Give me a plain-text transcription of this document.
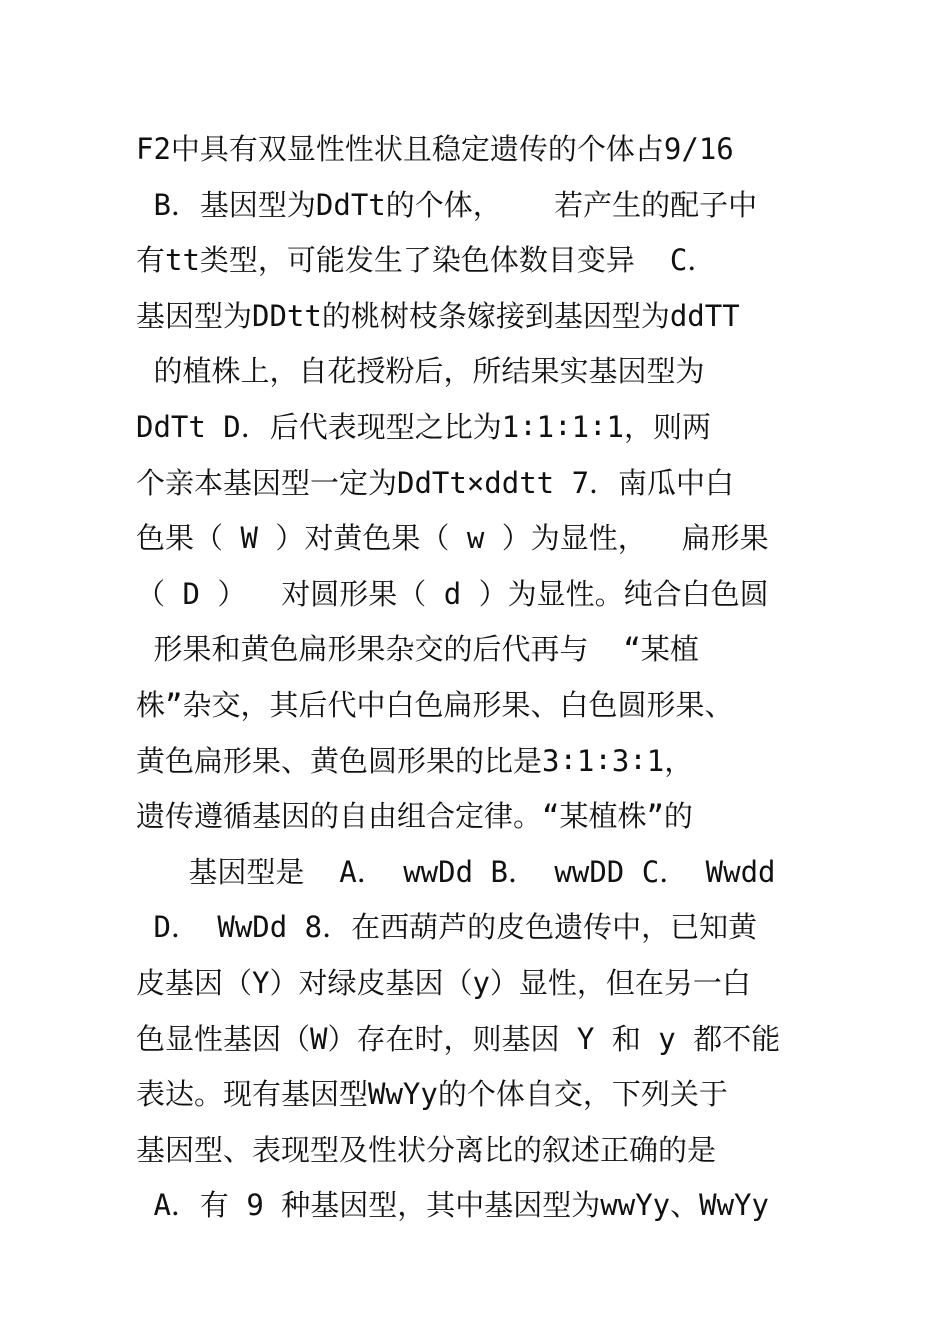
F2中具有双显性性状且稳定遗传的个体占9/16
B．基因型为DdTt的个体，   若产生的配子中
有tt类型，可能发生了染色体数目变异  C．
基因型为DDtt的桃树枝条嫁接到基因型为ddTT
的植株上，自花授粉后，所结果实基因型为
DdTt D．后代表现型之比为1∶1∶1∶1，则两
个亲本基因型一定为DdTt×ddtt 7．南瓜中白
色果（ W ）对黄色果（ w ）为显性，  扁形果
（ D ）  对圆形果（ d ）为显性。纯合白色圆
形果和黄色扁形果杂交的后代再与  “某植
株”杂交，其后代中白色扁形果、白色圆形果、
黄色扁形果、黄色圆形果的比是3∶1∶3∶1，
遗传遵循基因的自由组合定律。“某植株”的
基因型是  A． wwDd B． wwDD C． Wwdd
D． WwDd 8．在西葫芦的皮色遗传中，已知黄
皮基因（Y）对绿皮基因（y）显性，但在另一白
色显性基因（W）存在时，则基因 Y 和 y 都不能
表达。现有基因型WwYy的个体自交，下列关于
基因型、表现型及性状分离比的叙述正确的是
A．有 9 种基因型，其中基因型为wwYy、WwYy
